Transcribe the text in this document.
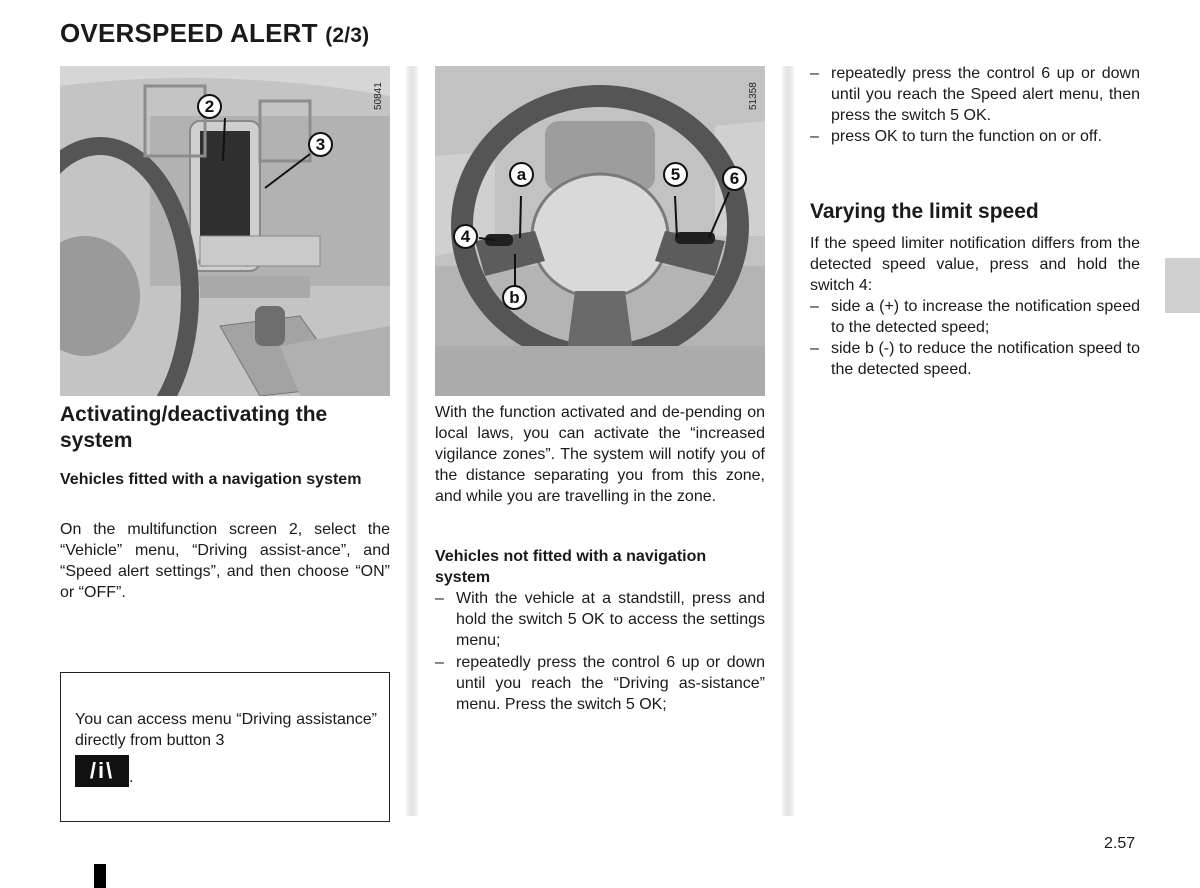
OVERSPEED ALERT (2/3)
2
3
50841
a	5	6
4
b
51358
Activating/deactivating the system
Vehicles fitted with a navigation system
On the multifunction screen 2, select the “Vehicle” menu, “Driving assist-ance”, and “Speed alert settings”, and then choose “ON” or “OFF”.
You can access menu “Driving assistance” directly from button 3
/i\ .
With the function activated and de-pending on local laws, you can activate the “increased vigilance zones”. The system will notify you of the distance separating you from this zone, and while you are travelling in the zone.
Vehicles not fitted with a navigation system
– With the vehicle at a standstill, press and hold the switch 5 OK to access the settings menu;
– repeatedly press the control 6 up or down until you reach the “Driving as-sistance” menu. Press the switch 5 OK;
– repeatedly press the control 6 up or down until you reach the Speed alert menu, then press the switch 5 OK.
– press OK to turn the function on or off.
Varying the limit speed
If the speed limiter notification differs from the detected speed value, press and hold the switch 4:
– side a (+) to increase the notification speed to the detected speed;
– side b (-) to reduce the notification speed to the detected speed.
2.57
